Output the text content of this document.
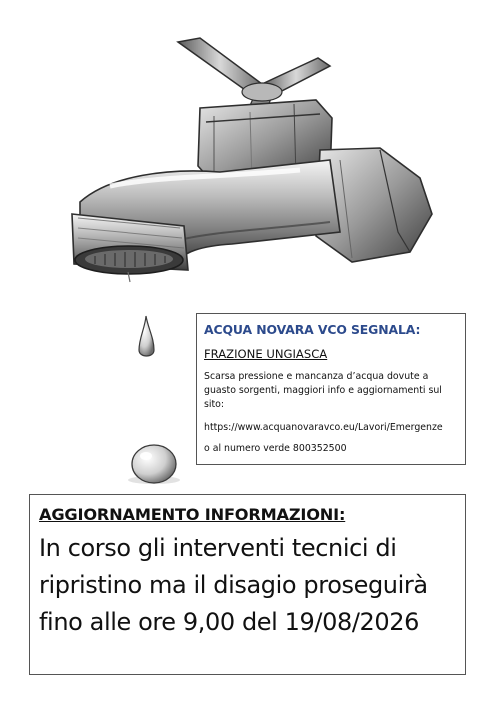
ACQUA NOVARA VCO SEGNALA:
FRAZIONE UNGIASCA
Scarsa pressione e mancanza d’acqua dovute a guasto sorgenti, maggiori info e aggiornamenti sul sito:
https://www.acquanovaravco.eu/Lavori/Emergenze
o al numero verde 800352500
AGGIORNAMENTO INFORMAZIONI:
In corso gli interventi tecnici di ripristino ma il disagio proseguirà fino alle ore 9,00 del 19/08/2026
